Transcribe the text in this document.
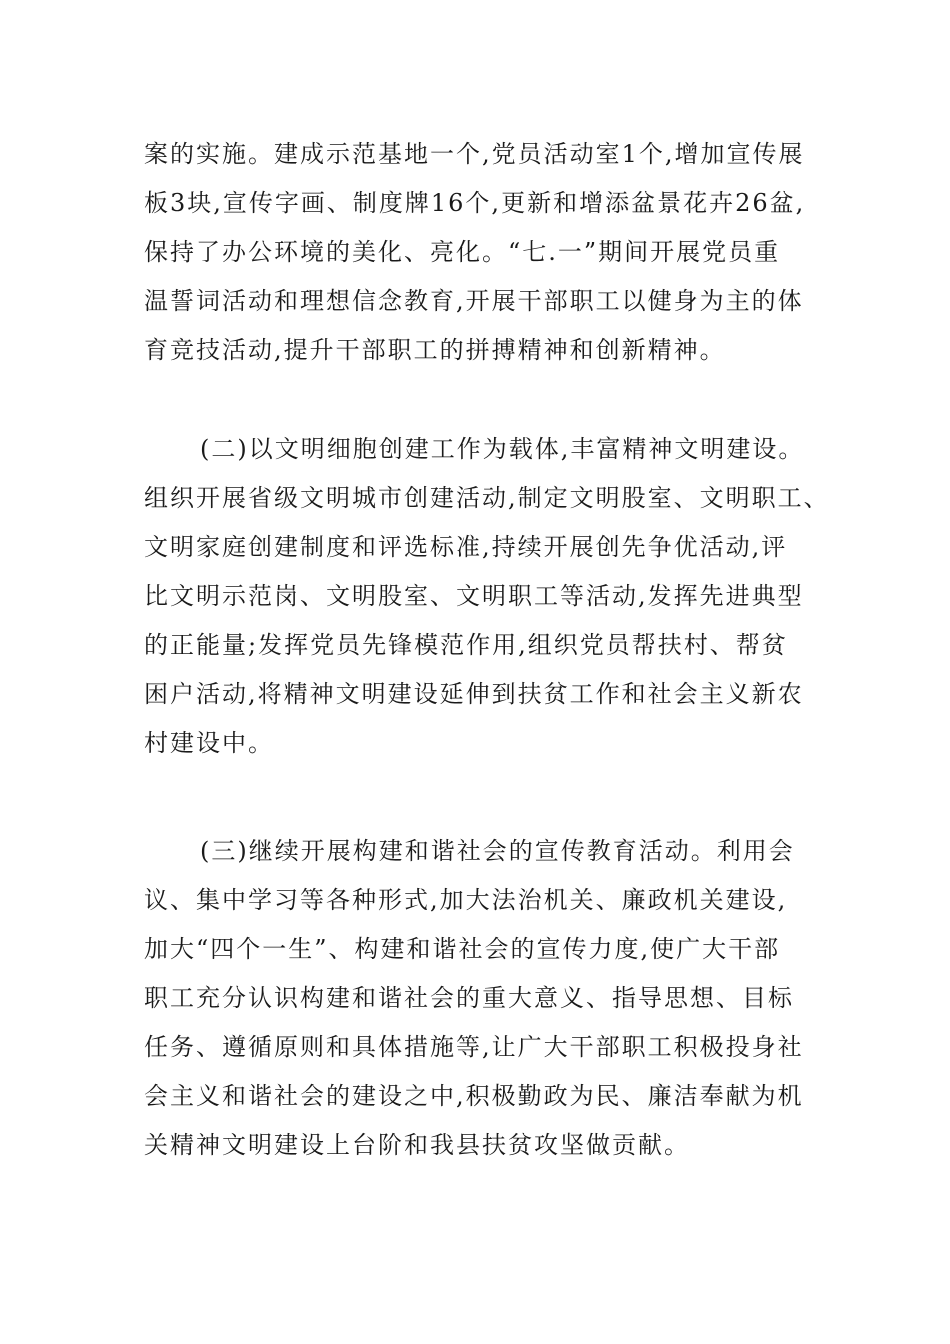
案的实施。建成示范基地一个,党员活动室1个,增加宣传展
板3块,宣传字画、制度牌16个,更新和增添盆景花卉26盆,
保持了办公环境的美化、亮化。“七.一”期间开展党员重
温誓词活动和理想信念教育,开展干部职工以健身为主的体
育竞技活动,提升干部职工的拼搏精神和创新精神。
(二)以文明细胞创建工作为载体,丰富精神文明建设。
组织开展省级文明城市创建活动,制定文明股室、文明职工、
文明家庭创建制度和评选标准,持续开展创先争优活动,评
比文明示范岗、文明股室、文明职工等活动,发挥先进典型
的正能量;发挥党员先锋模范作用,组织党员帮扶村、帮贫
困户活动,将精神文明建设延伸到扶贫工作和社会主义新农
村建设中。
(三)继续开展构建和谐社会的宣传教育活动。利用会
议、集中学习等各种形式,加大法治机关、廉政机关建设,
加大“四个一生”、构建和谐社会的宣传力度,使广大干部
职工充分认识构建和谐社会的重大意义、指导思想、目标
任务、遵循原则和具体措施等,让广大干部职工积极投身社
会主义和谐社会的建设之中,积极勤政为民、廉洁奉献为机
关精神文明建设上台阶和我县扶贫攻坚做贡献。
